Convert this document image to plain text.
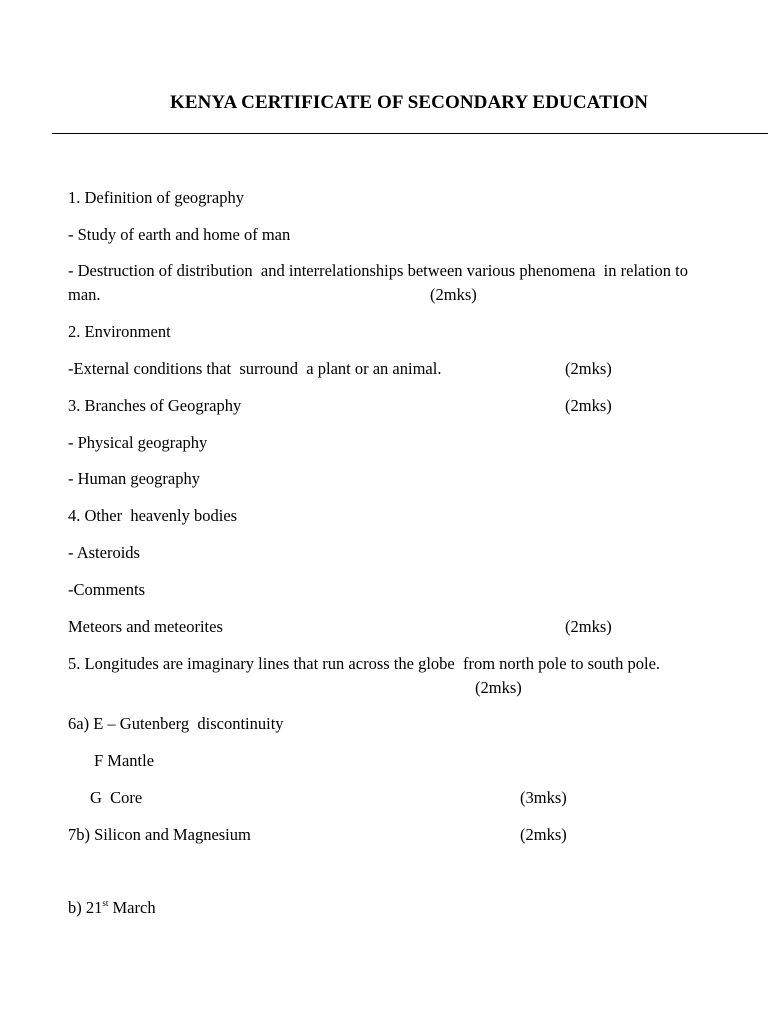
KENYA CERTIFICATE OF SECONDARY EDUCATION
1. Definition of geography
- Study of earth and home of man
- Destruction of distribution  and interrelationships between various phenomena  in relation to
man.	(2mks)
2. Environment
-External conditions that  surround  a plant or an animal.	(2mks)
3. Branches of Geography	(2mks)
- Physical geography
- Human geography
4. Other  heavenly bodies
- Asteroids
-Comments
Meteors and meteorites	(2mks)
5. Longitudes are imaginary lines that run across the globe  from north pole to south pole.
(2mks)
6a) E – Gutenberg  discontinuity
F Mantle
G  Core	(3mks)
7b) Silicon and Magnesium	(2mks)
b) 21st March
